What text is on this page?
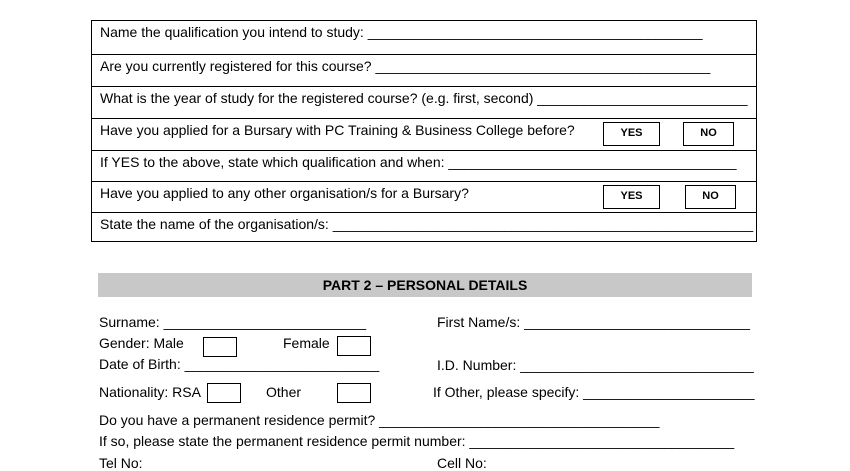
Name the qualification you intend to study: ___________________________________________
Are you currently registered for this course? ___________________________________________
What is the year of study for the registered course? (e.g. first, second) ___________________________
Have you applied for a Bursary with PC Training & Business College before?	YES	NO
If YES to the above, state which qualification and when: _____________________________________
Have you applied to any other organisation/s for a Bursary?	YES	NO
State the name of the organisation/s: ______________________________________________________
PART 2 – PERSONAL DETAILS
Surname: __________________________	First Name/s: _____________________________
Gender: Male	Female
Date of Birth: _________________________	I.D. Number: ______________________________
Nationality: RSA	Other	If Other, please specify: ______________________
Do you have a permanent residence permit? ____________________________________
If so, please state the permanent residence permit number: __________________________________
Tel No:	Cell No:
